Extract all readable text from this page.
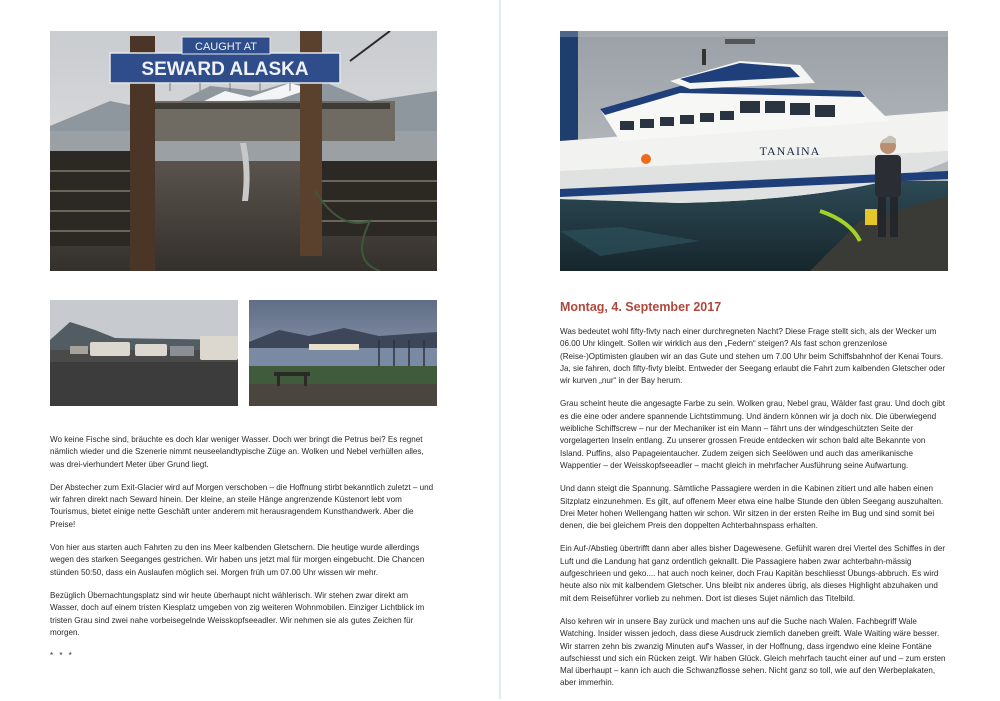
CAUGHT AT
SEWARD ALASKA

Wo keine Fische sind, bräuchte es doch klar weniger Wasser. Doch wer bringt die Petrus bei? Es regnet nämlich wieder und die Szenerie nimmt neuseelandtypische Züge an. Wolken und Nebel verhüllen alles, was drei-vierhundert Meter über Grund liegt.

Der Abstecher zum Exit-Glacier wird auf Morgen verschoben – die Hoffnung stirbt bekanntlich zuletzt – und wir fahren direkt nach Seward hinein. Der kleine, an steile Hänge angrenzende Küstenort lebt vom Tourismus, bietet einige nette Geschäft unter anderem mit herausragendem Kunsthandwerk. Aber die Preise!

Von hier aus starten auch Fahrten zu den ins Meer kalbenden Gletschern. Die heutige wurde allerdings wegen des starken Seeganges gestrichen. Wir haben uns jetzt mal für morgen eingebucht. Die Chancen stünden 50:50, dass ein Auslaufen möglich sei. Morgen früh um 07.00 Uhr wissen wir mehr.

Bezüglich Übernachtungsplatz sind wir heute überhaupt nicht wählerisch. Wir stehen zwar direkt am Wasser, doch auf einem tristen Kiesplatz umgeben von zig weiteren Wohnmobilen. Einziger Lichtblick im tristen Grau sind zwei nahe vorbeisegelnde Weisskopfseeadler. Wir nehmen sie als gutes Zeichen für morgen.

* * *

TANAINA
Montag, 4. September 2017

Was bedeutet wohl fifty-fivty nach einer durchregneten Nacht? Diese Frage stellt sich, als der Wecker um 06.00 Uhr klingelt. Sollen wir wirklich aus den „Federn“ steigen? Als fast schon grenzenlose (Reise-)Optimisten glauben wir an das Gute und stehen um 7.00 Uhr beim Schiffsbahnhof der Kenai Tours. Ja, sie fahren, doch fifty-fivty bleibt. Entweder der Seegang erlaubt die Fahrt zum kalbenden Gletscher oder wir kurven „nur“ in der Bay herum.

Grau scheint heute die angesagte Farbe zu sein. Wolken grau, Nebel grau, Wälder fast grau. Und doch gibt es die eine oder andere spannende Lichtstimmung. Und ändern können wir ja doch nix. Die überwiegend weibliche Schiffscrew – nur der Mechaniker ist ein Mann – fährt uns der windgeschützten Seite der vorgelagerten Inseln entlang. Zu unserer grossen Freude entdecken wir schon bald alte Bekannte von Island. Puffins, also Papageientaucher. Zudem zeigen sich Seelöwen und auch das amerikanische Wappentier – der Weisskopfseeadler – macht gleich in mehrfacher Ausführung seine Aufwartung.

Und dann steigt die Spannung. Sämtliche Passagiere werden in die Kabinen zitiert und alle haben einen Sitzplatz einzunehmen. Es gilt, auf offenem Meer etwa eine halbe Stunde den üblen Seegang auszuhalten. Drei Meter hohen Wellengang hatten wir schon. Wir sitzen in der ersten Reihe im Bug und sind somit bei denen, die bei gleichem Preis den doppelten Achterbahnspass erhalten.

Ein Auf-/Abstieg übertrifft dann aber alles bisher Dagewesene. Gefühlt waren drei Viertel des Schiffes in der Luft und die Landung hat ganz ordentlich geknallt. Die Passagiere haben zwar achterbahn-mässig aufgeschrieen und geko.... hat auch noch keiner, doch Frau Kapitän beschliesst Übungs-abbruch. Es wird heute also nix mit kalbendem Gletscher. Uns bleibt nix anderes übrig, als dieses Highlight abzuhaken und mit dem Reiseführer vorlieb zu nehmen. Dort ist dieses Sujet nämlich das Titelbild.

Also kehren wir in unsere Bay zurück und machen uns auf die Suche nach Walen. Fachbegriff Wale Watching. Insider wissen jedoch, dass diese Ausdruck ziemlich daneben greift. Wale Waiting wäre besser. Wir starren zehn bis zwanzig Minuten auf's Wasser, in der Hoffnung, dass irgendwo eine kleine Fontäne aufschiesst und sich ein Rücken zeigt. Wir haben Glück. Gleich mehrfach taucht einer auf und – zum ersten Mal überhaupt – kann ich auch die Schwanzflosse sehen. Nicht ganz so toll, wie auf den Werbeplakaten, aber immerhin.
